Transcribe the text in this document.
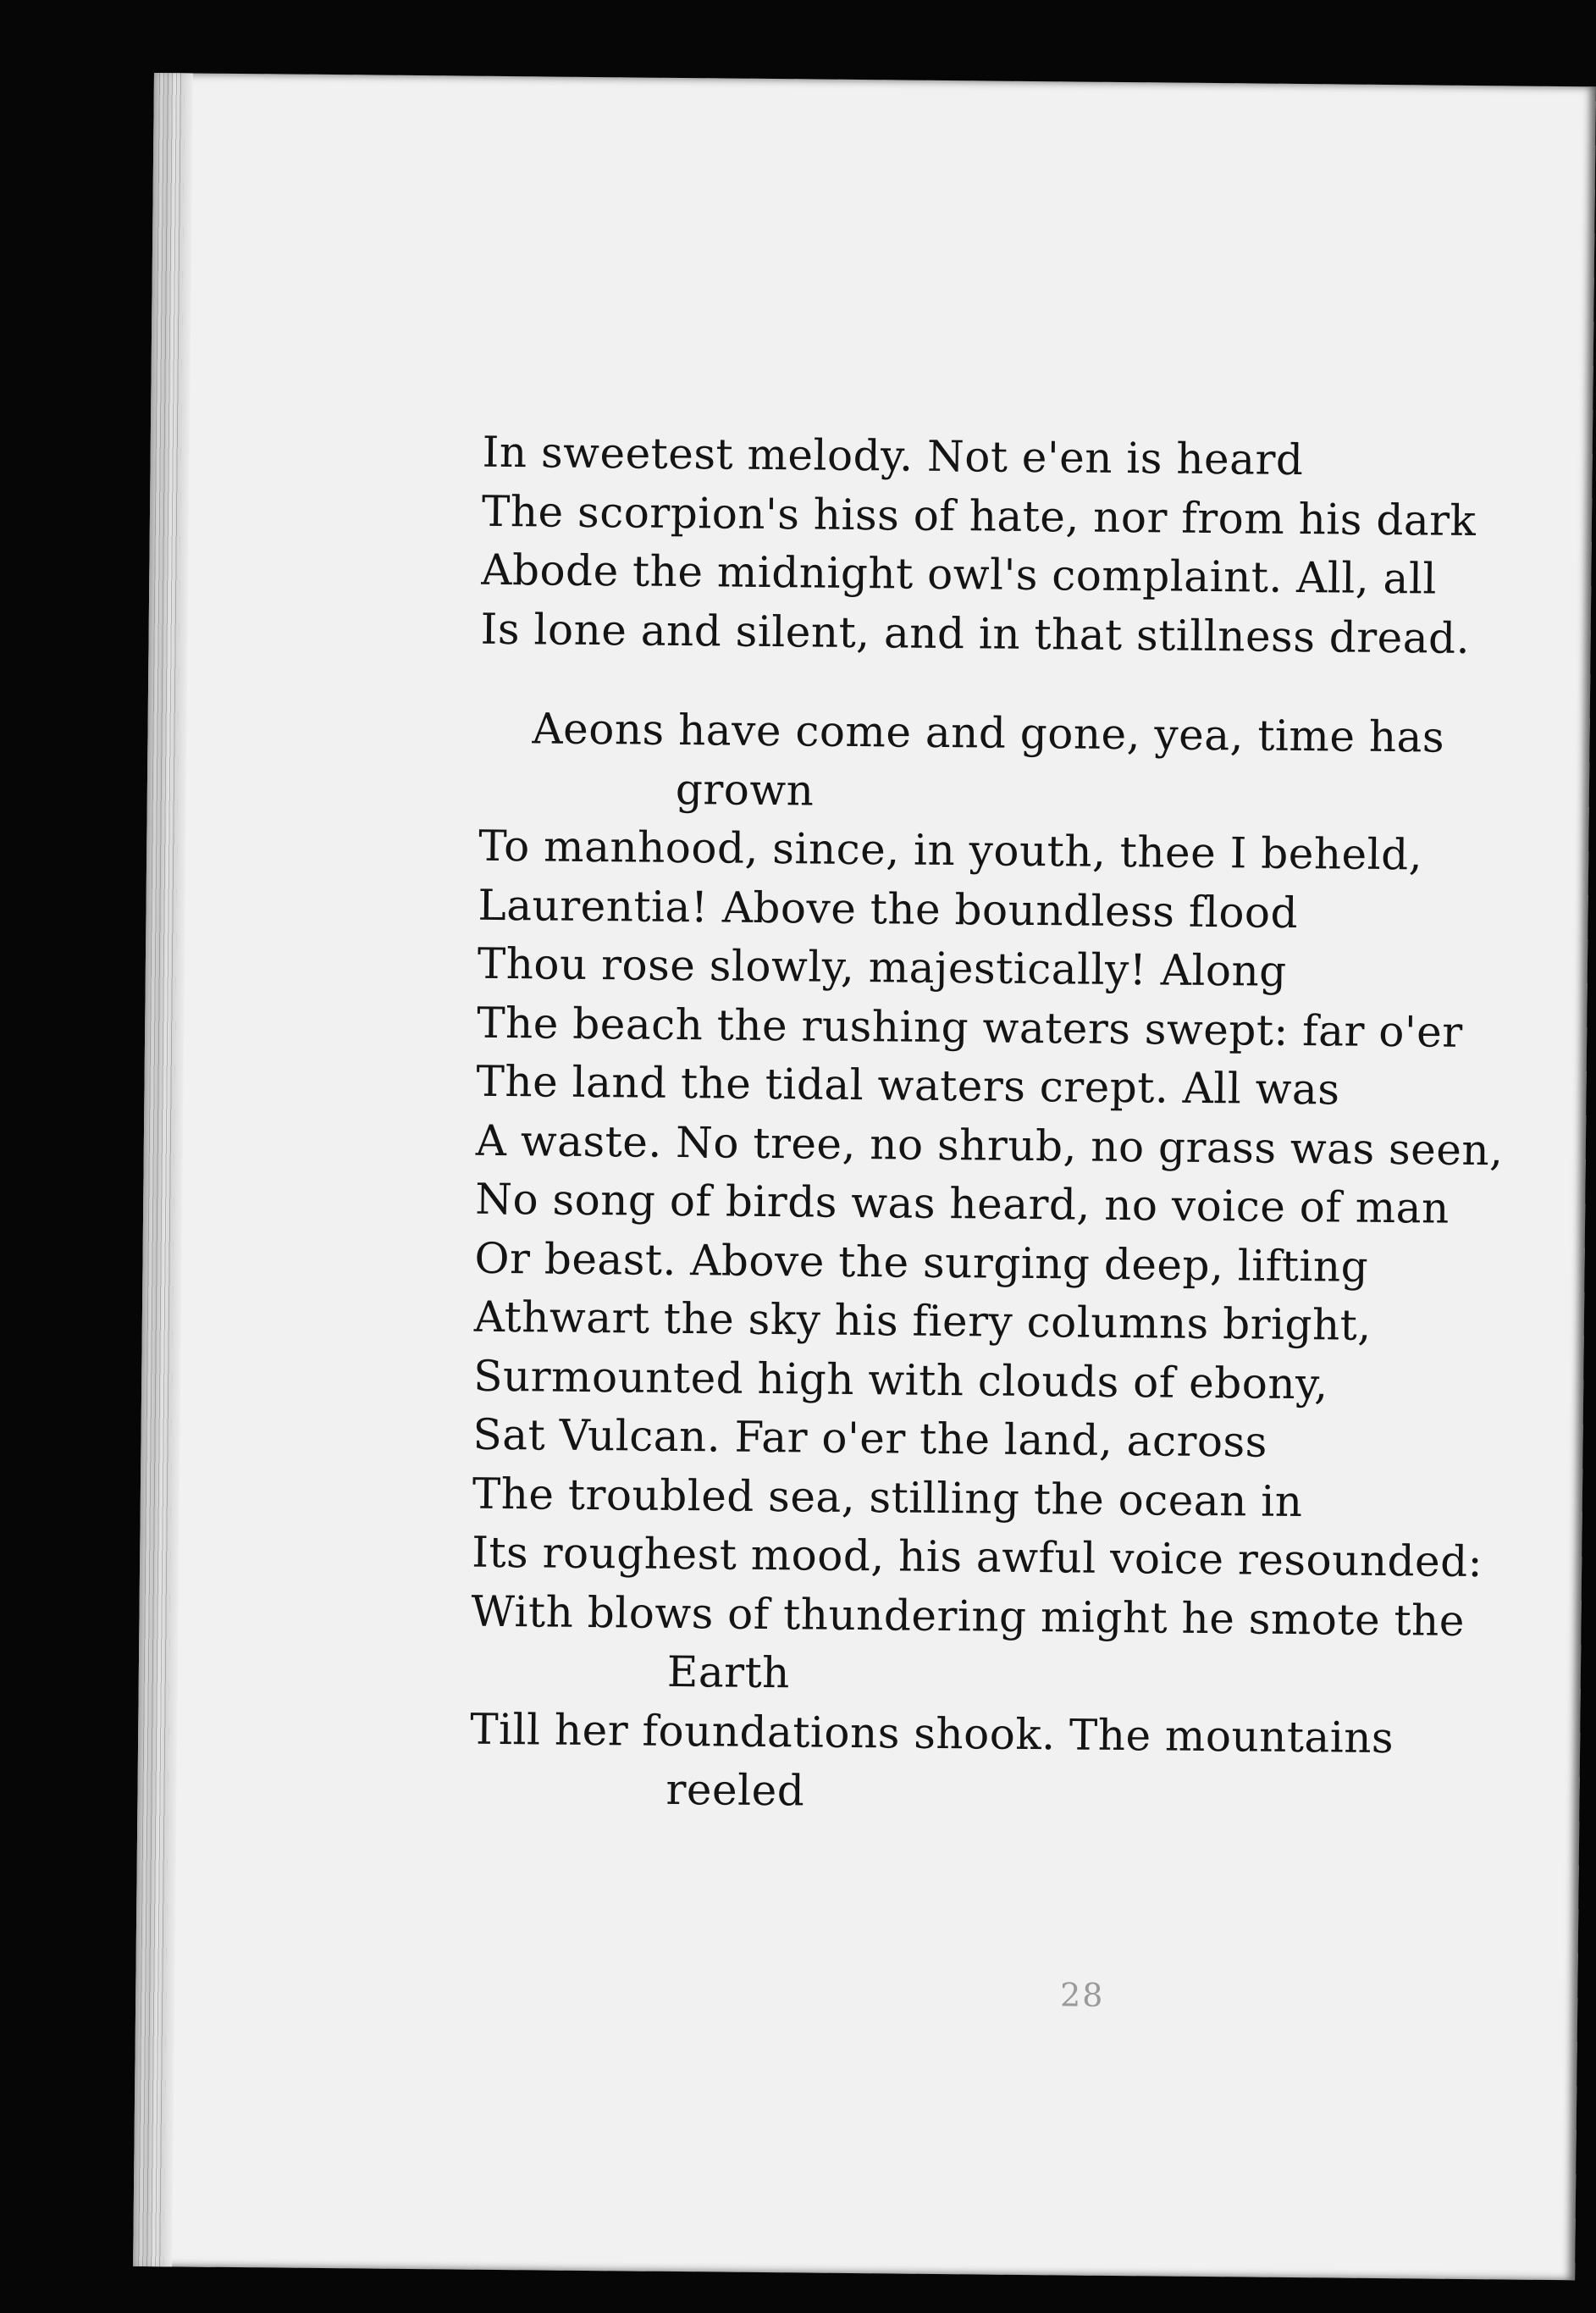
In sweetest melody. Not e'en is heard
The scorpion's hiss of hate, nor from his dark
Abode the midnight owl's complaint. All, all
Is lone and silent, and in that stillness dread.
Aeons have come and gone, yea, time has
grown
To manhood, since, in youth, thee I beheld,
Laurentia! Above the boundless flood
Thou rose slowly, majestically! Along
The beach the rushing waters swept: far o'er
The land the tidal waters crept. All was
A waste. No tree, no shrub, no grass was seen,
No song of birds was heard, no voice of man
Or beast. Above the surging deep, lifting
Athwart the sky his fiery columns bright,
Surmounted high with clouds of ebony,
Sat Vulcan. Far o'er the land, across
The troubled sea, stilling the ocean in
Its roughest mood, his awful voice resounded:
With blows of thundering might he smote the
Earth
Till her foundations shook. The mountains
reeled
28
